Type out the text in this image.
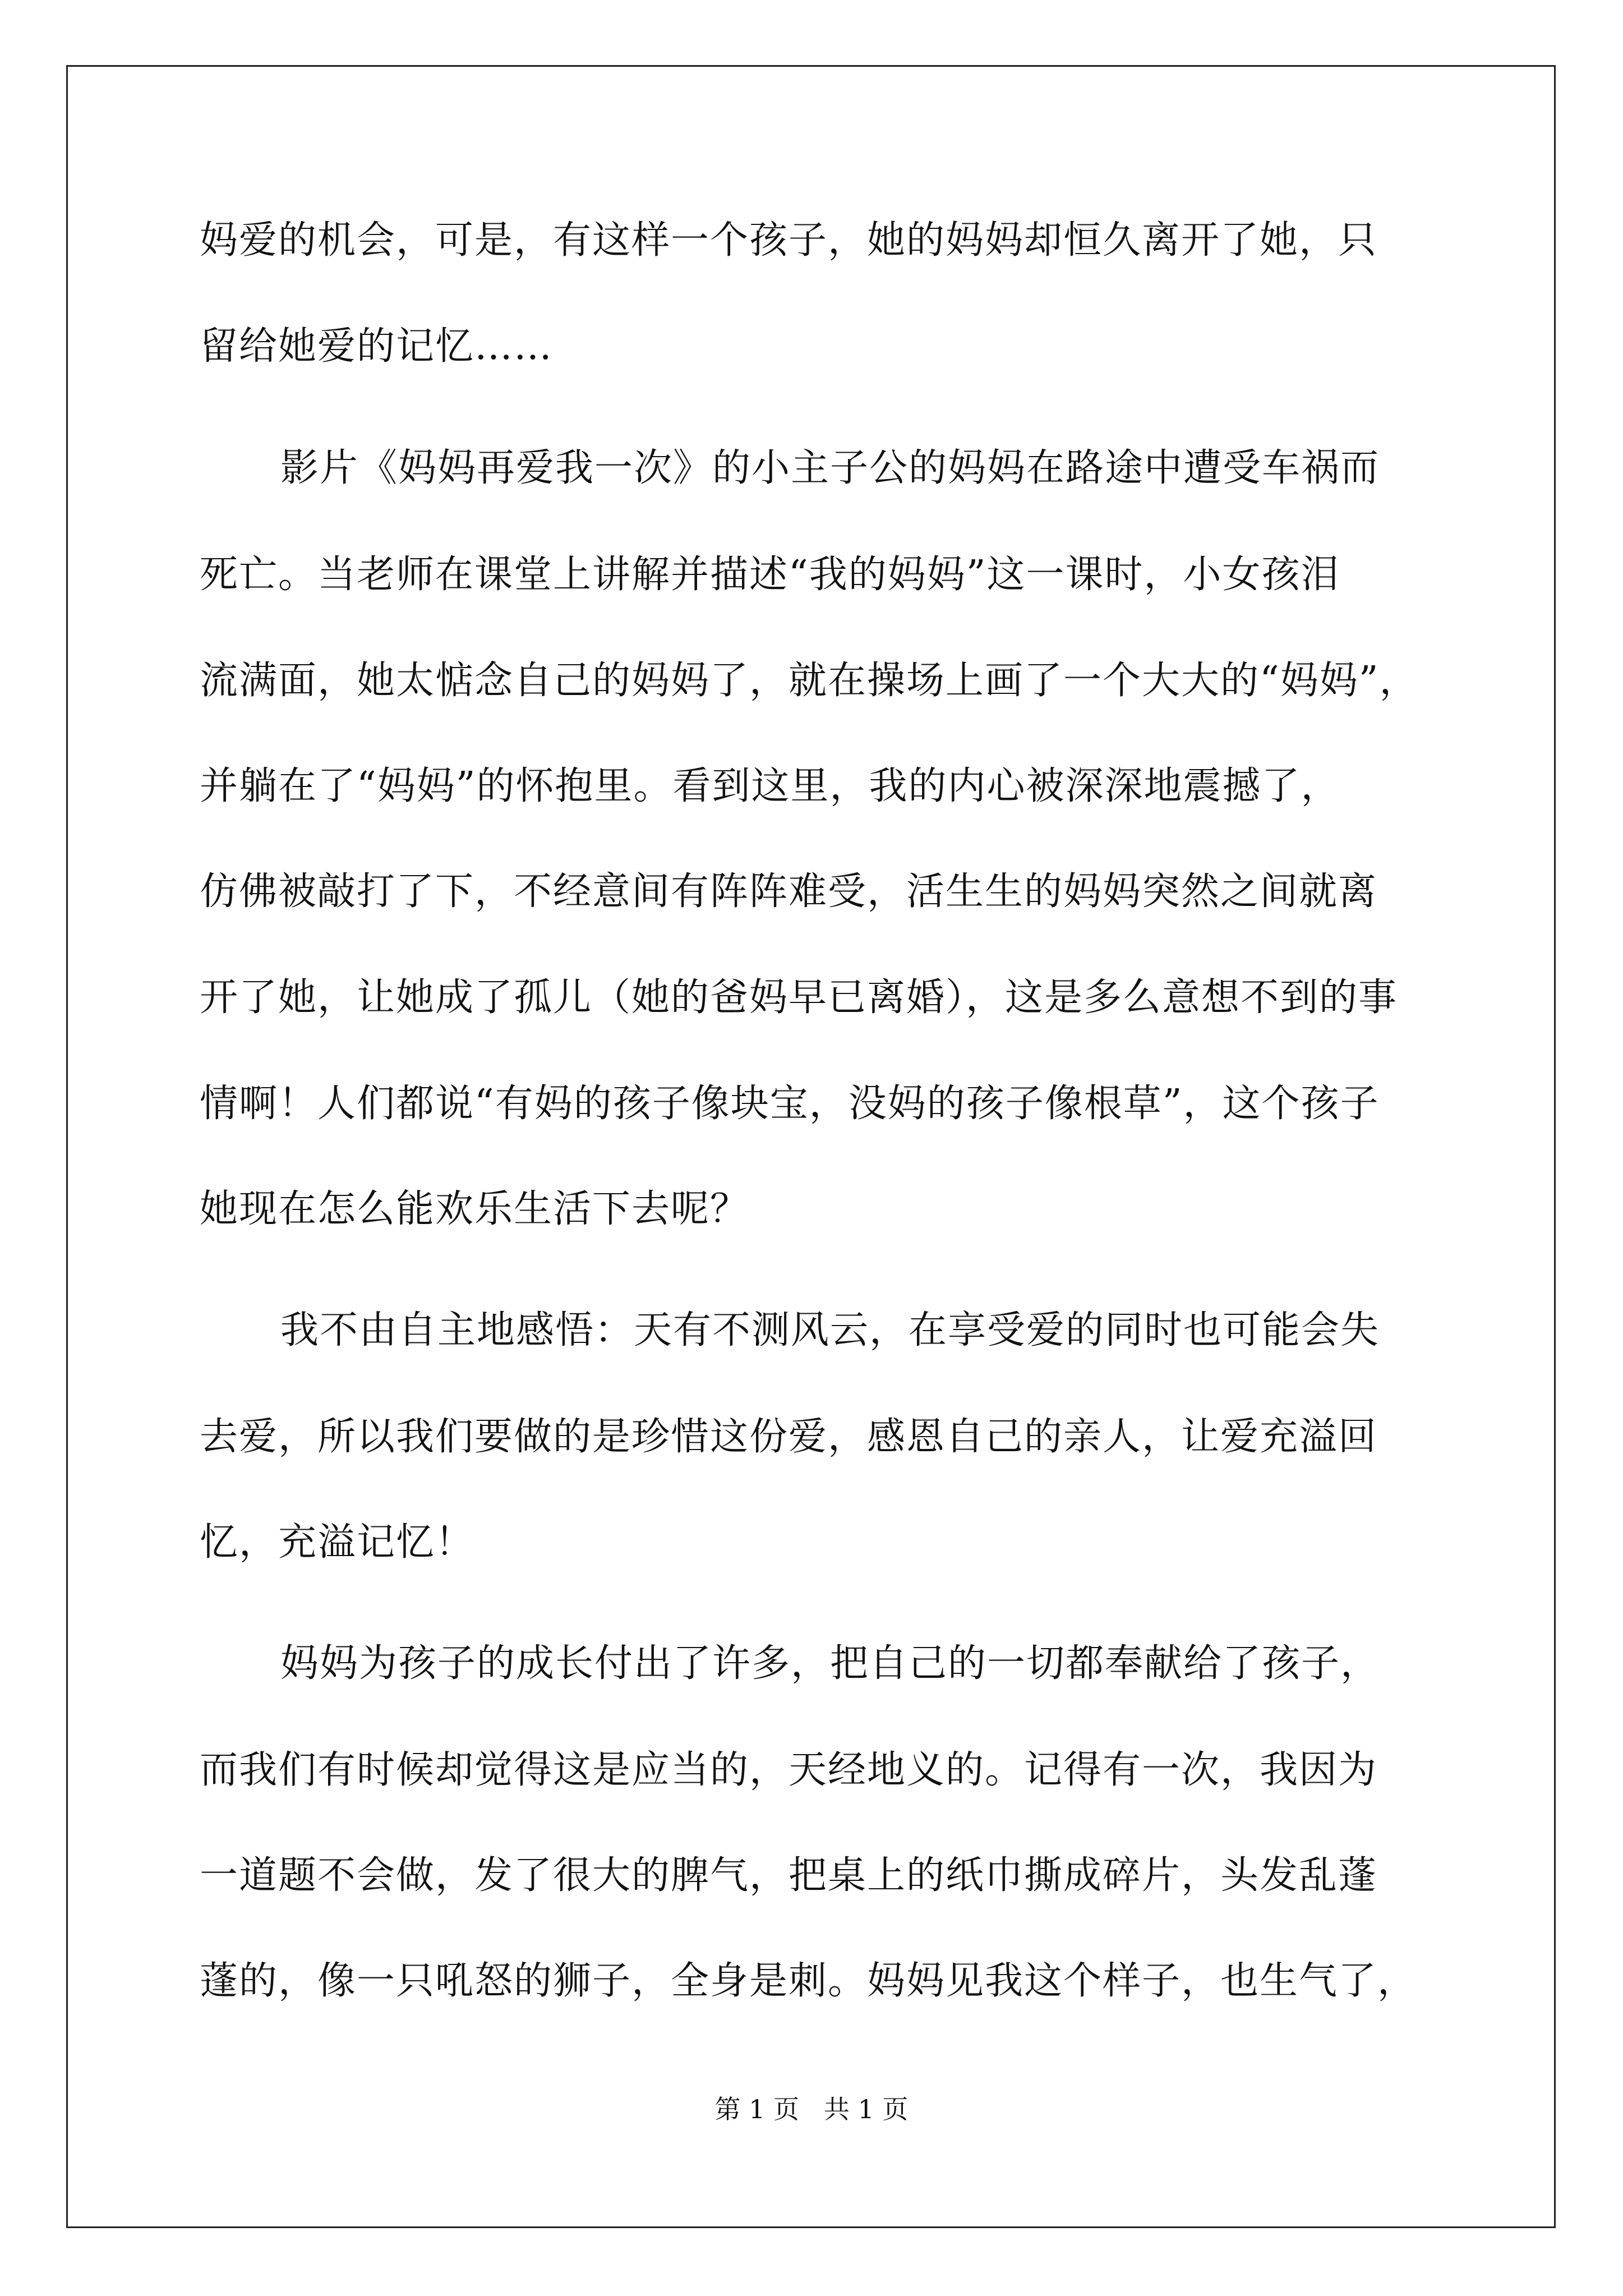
妈爱的机会，可是，有这样一个孩子，她的妈妈却恒久离开了她，只
留给她爱的记忆……
影片《妈妈再爱我一次》的小主子公的妈妈在路途中遭受车祸而
死亡。当老师在课堂上讲解并描述“我的妈妈”这一课时，小女孩泪
流满面，她太惦念自己的妈妈了，就在操场上画了一个大大的“妈妈”，
并躺在了“妈妈”的怀抱里。看到这里，我的内心被深深地震撼了，
仿佛被敲打了下，不经意间有阵阵难受，活生生的妈妈突然之间就离
开了她，让她成了孤儿（她的爸妈早已离婚），这是多么意想不到的事
情啊！人们都说“有妈的孩子像块宝，没妈的孩子像根草”，这个孩子
她现在怎么能欢乐生活下去呢？
我不由自主地感悟：天有不测风云，在享受爱的同时也可能会失
去爱，所以我们要做的是珍惜这份爱，感恩自己的亲人，让爱充溢回
忆，充溢记忆！
妈妈为孩子的成长付出了许多，把自己的一切都奉献给了孩子，
而我们有时候却觉得这是应当的，天经地义的。记得有一次，我因为
一道题不会做，发了很大的脾气，把桌上的纸巾撕成碎片，头发乱蓬
蓬的，像一只吼怒的狮子，全身是刺。妈妈见我这个样子，也生气了，
第 1 页   共 1 页
